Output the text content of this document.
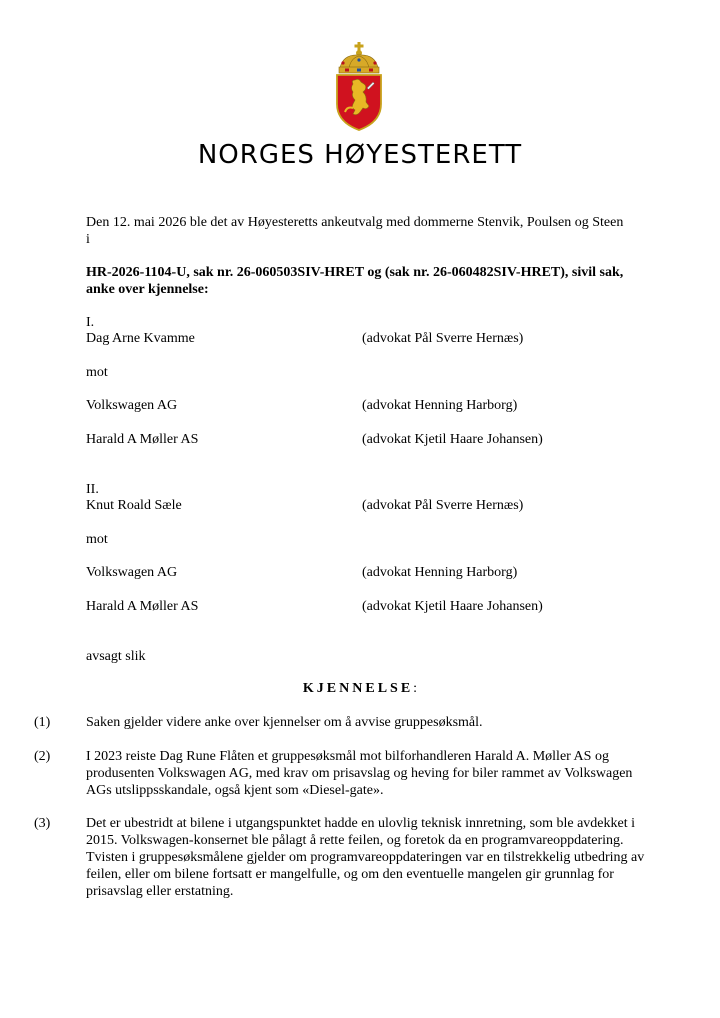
NORGES HØYESTERETT
Den 12. mai 2026 ble det av Høyesteretts ankeutvalg med dommerne Stenvik, Poulsen og Steen i
HR-2026-1104-U, sak nr. 26-060503SIV-HRET og (sak nr. 26-060482SIV-HRET), sivil sak, anke over kjennelse:
I.
Dag Arne Kvamme	(advokat Pål Sverre Hernæs)
mot
Volkswagen AG	(advokat Henning Harborg)
Harald A Møller AS	(advokat Kjetil Haare Johansen)
II.
Knut Roald Sæle	(advokat Pål Sverre Hernæs)
mot
Volkswagen AG	(advokat Henning Harborg)
Harald A Møller AS	(advokat Kjetil Haare Johansen)
avsagt slik
KJENNELSE:
(1)	Saken gjelder videre anke over kjennelser om å avvise gruppesøksmål.
(2)	I 2023 reiste Dag Rune Flåten et gruppesøksmål mot bilforhandleren Harald A. Møller AS og produsenten Volkswagen AG, med krav om prisavslag og heving for biler rammet av Volkswagen AGs utslippsskandale, også kjent som «Diesel-gate».
(3)	Det er ubestridt at bilene i utgangspunktet hadde en ulovlig teknisk innretning, som ble avdekket i 2015. Volkswagen-konsernet ble pålagt å rette feilen, og foretok da en programvareoppdatering. Tvisten i gruppesøksmålene gjelder om programvareoppdateringen var en tilstrekkelig utbedring av feilen, eller om bilene fortsatt er mangelfulle, og om den eventuelle mangelen gir grunnlag for prisavslag eller erstatning.
